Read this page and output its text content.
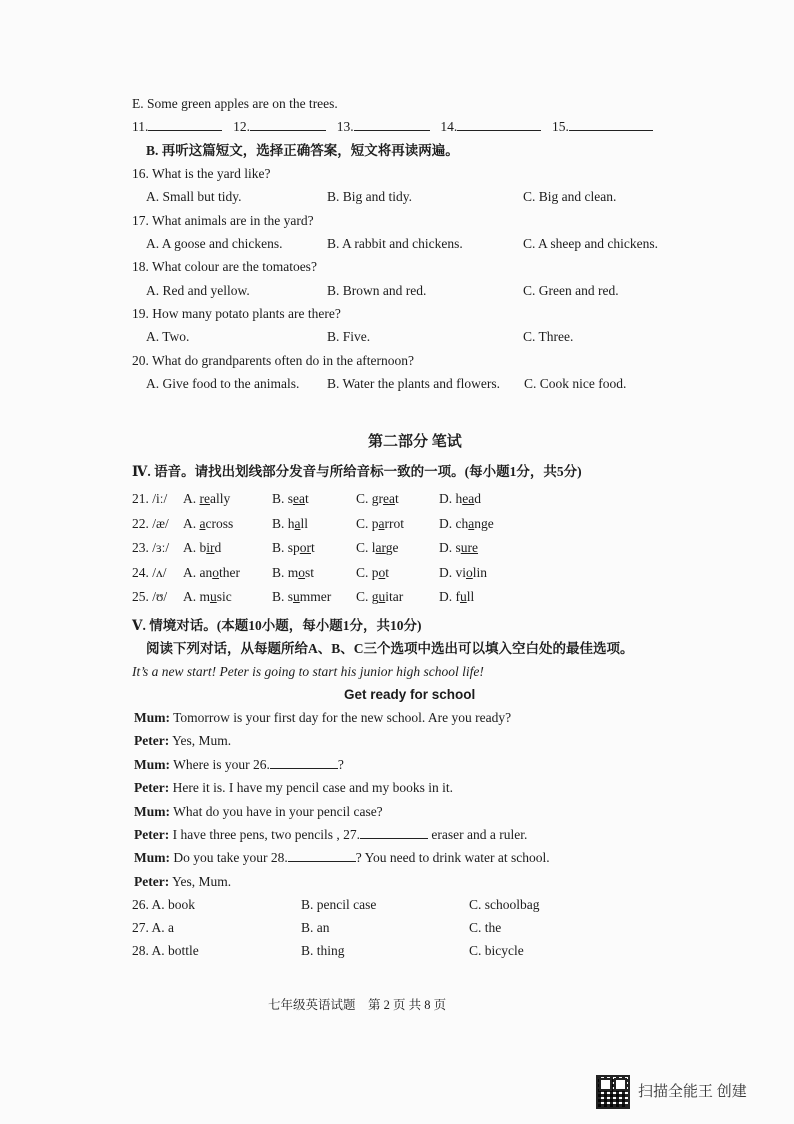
E. Some green apples are on the trees.
11.	12.	13.	14.	15.
B. 再听这篇短文，选择正确答案，短文将再读两遍。
16. What is the yard like?
A. Small but tidy.	B. Big and tidy.	C. Big and clean.
17. What animals are in the yard?
A. A goose and chickens.	B. A rabbit and chickens.	C. A sheep and chickens.
18. What colour are the tomatoes?
A. Red and yellow.	B. Brown and red.	C. Green and red.
19. How many potato plants are there?
A. Two.	B. Five.	C. Three.
20. What do grandparents often do in the afternoon?
A. Give food to the animals. B. Water the plants and flowers. C. Cook nice food.
第二部分 笔试
Ⅳ. 语音。请找出划线部分发音与所给音标一致的一项。(每小题1分，共5分)
21. /iː/ A. really	B. seat	C. great	D. head
22. /æ/ A. across	B. hall	C. parrot	D. change
23. /ɜː/ A. bird	B. sport	C. large	D. sure
24. /ʌ/ A. another B. most	C. pot	D. violin
25. /ʊ/ A. music	B. summer C. guitar	D. full
Ⅴ. 情境对话。(本题10小题，每小题1分，共10分)
阅读下列对话，从每题所给A、B、C三个选项中选出可以填入空白处的最佳选项。
It’s a new start! Peter is going to start his junior high school life!
Get ready for school
Mum: Tomorrow is your first day for the new school. Are you ready?
Peter: Yes, Mum.
Mum: Where is your 26.	?
Peter: Here it is. I have my pencil case and my books in it.
Mum: What do you have in your pencil case?
Peter: I have three pens, two pencils , 27.	eraser and a ruler.
Mum: Do you take your 28.	? You need to drink water at school.
Peter: Yes, Mum.
26. A. book	B. pencil case	C. schoolbag
27. A. a	B. an	C. the
28. A. bottle	B. thing	C. bicycle
七年级英语试题　第 2 页 共 8 页
扫描全能王 创建
